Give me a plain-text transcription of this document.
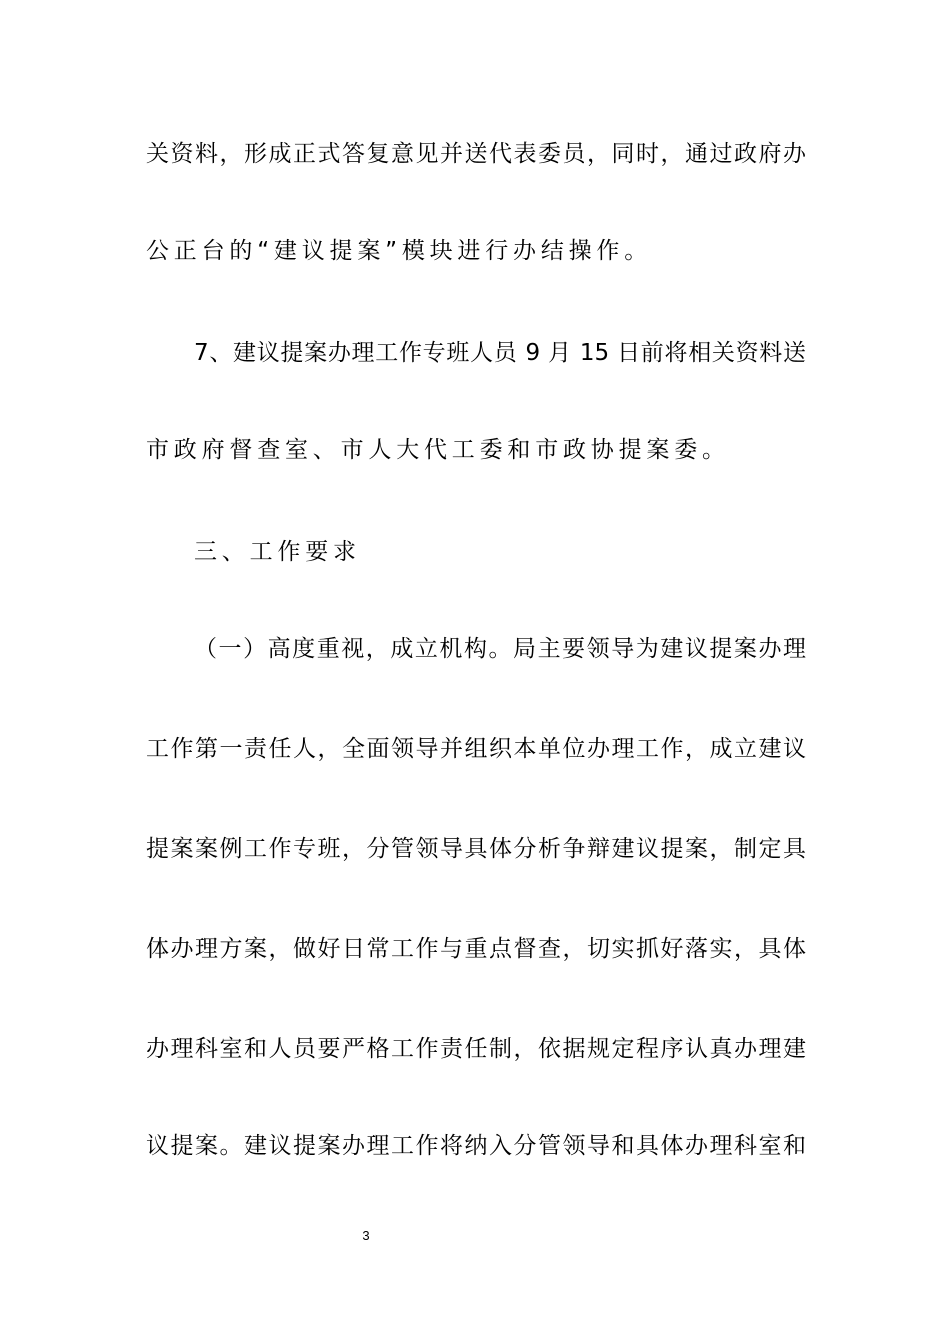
关资料，形成正式答复意见并送代表委员，同时，通过政府办
公正台的“建议提案”模块进行办结操作。
7、建议提案办理工作专班人员 9 月 15 日前将相关资料送
市政府督查室、市人大代工委和市政协提案委。
三、工作要求
（一）高度重视，成立机构。局主要领导为建议提案办理
工作第一责任人，全面领导并组织本单位办理工作，成立建议
提案案例工作专班，分管领导具体分析争辩建议提案，制定具
体办理方案，做好日常工作与重点督查，切实抓好落实，具体
办理科室和人员要严格工作责任制，依据规定程序认真办理建
议提案。建议提案办理工作将纳入分管领导和具体办理科室和
3
